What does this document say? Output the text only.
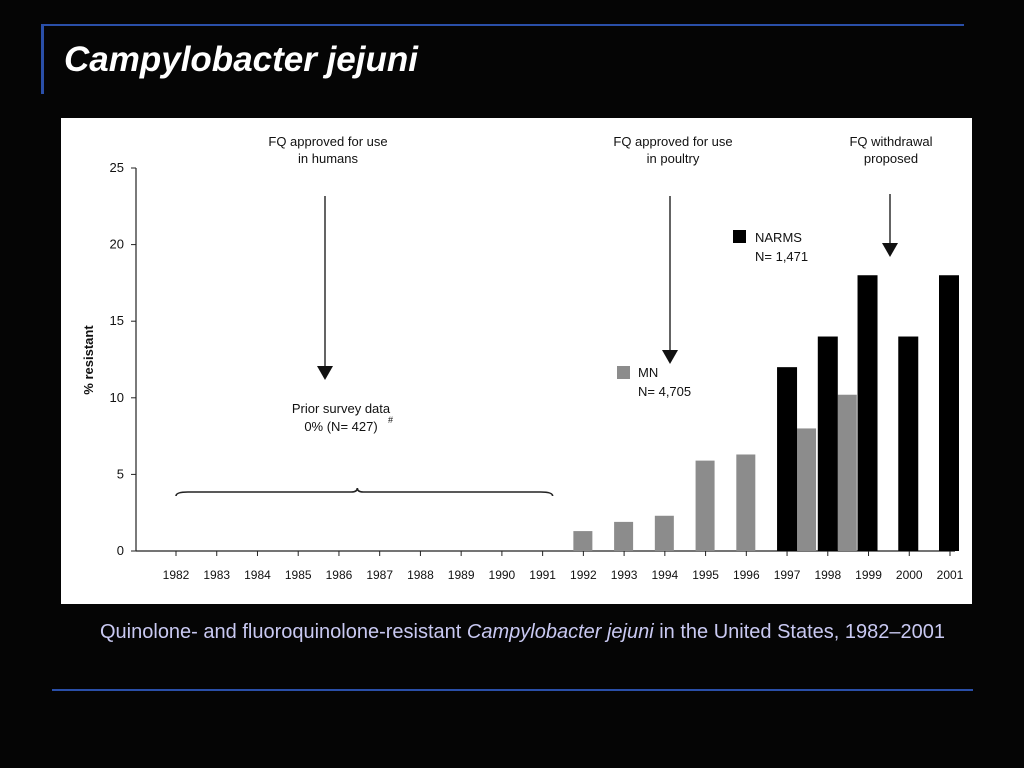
Campylobacter jejuni
0
5
10
15
20
25
% resistant
1982 1983 1984 1985 1986 1987 1988 1989 1990 1991 1992 1993 1994 1995 1996 1997 1998 1999 2000 2001
NARMS
N= 1,471
MN
N= 4,705
FQ approved for use
in humans
FQ approved for use
in poultry
FQ withdrawal
proposed
Prior survey data
0% (N= 427) #
Quinolone- and fluoroquinolone-resistant Campylobacter jejuni in the United States, 1982–2001
